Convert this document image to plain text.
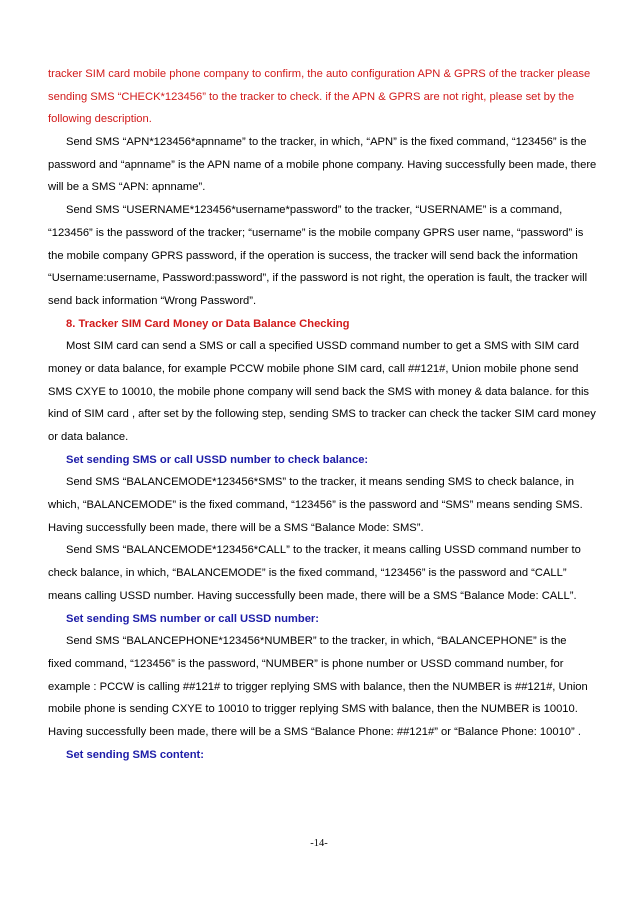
tracker SIM card mobile phone company to confirm, the auto configuration APN & GPRS of the tracker please
sending SMS “CHECK*123456” to the tracker to check. if the APN & GPRS are not right, please set by the
following description.
Send SMS “APN*123456*apnname” to the tracker, in which, “APN” is the fixed command, “123456” is the
password and “apnname” is the APN name of a mobile phone company. Having successfully been made, there
will be a SMS “APN: apnname”.
Send SMS “USERNAME*123456*username*password” to the tracker, “USERNAME” is a command,
“123456” is the password of the tracker; “username” is the mobile company GPRS user name, “password” is
the mobile company GPRS password, if the operation is success, the tracker will send back the information
“Username:username, Password:password”, if the password is not right, the operation is fault, the tracker will
send back information “Wrong Password”.
8. Tracker SIM Card Money or Data Balance Checking
Most SIM card can send a SMS or call a specified USSD command number to get a SMS with SIM card
money or data balance, for example PCCW mobile phone SIM card, call ##121#, Union mobile phone send
SMS CXYE to 10010, the mobile phone company will send back the SMS with money & data balance. for this
kind of SIM card , after set by the following step, sending SMS to tracker can check the tacker SIM card money
or data balance.
Set sending SMS or call USSD number to check balance:
Send SMS “BALANCEMODE*123456*SMS” to the tracker, it means sending SMS to check balance, in
which, “BALANCEMODE” is the fixed command, “123456” is the password and “SMS” means sending SMS.
Having successfully been made, there will be a SMS “Balance Mode: SMS”.
Send SMS “BALANCEMODE*123456*CALL” to the tracker, it means calling USSD command number to
check balance, in which, “BALANCEMODE” is the fixed command, “123456” is the password and “CALL”
means calling USSD number. Having successfully been made, there will be a SMS “Balance Mode: CALL”.
Set sending SMS number or call USSD number:
Send SMS “BALANCEPHONE*123456*NUMBER” to the tracker, in which, “BALANCEPHONE” is the
fixed command, “123456” is the password, “NUMBER” is phone number or USSD command number, for
example : PCCW is calling ##121# to trigger replying SMS with balance, then the NUMBER is ##121#, Union
mobile phone is sending CXYE to 10010 to trigger replying SMS with balance, then the NUMBER is 10010.
Having successfully been made, there will be a SMS “Balance Phone: ##121#” or “Balance Phone: 10010” .
Set sending SMS content:
-14-
